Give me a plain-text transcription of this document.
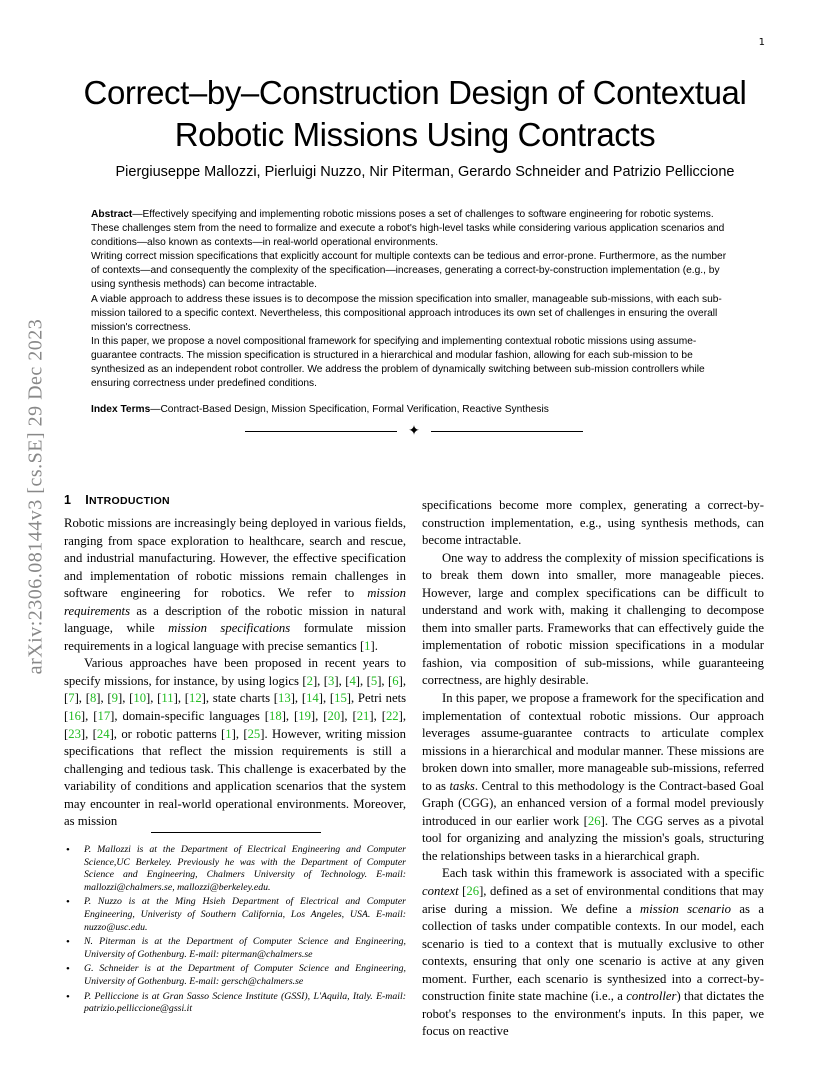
1
arXiv:2306.08144v3 [cs.SE] 29 Dec 2023
Correct–by–Construction Design of Contextual
Robotic Missions Using Contracts
Piergiuseppe Mallozzi, Pierluigi Nuzzo, Nir Piterman, Gerardo Schneider and Patrizio Pelliccione

Abstract—Effectively specifying and implementing robotic missions poses a set of challenges to software engineering for robotic systems. These challenges stem from the need to formalize and execute a robot's high-level tasks while considering various application scenarios and conditions—also known as contexts—in real-world operational environments.

Writing correct mission specifications that explicitly account for multiple contexts can be tedious and error-prone. Furthermore, as the number of contexts—and consequently the complexity of the specification—increases, generating a correct-by-construction implementation (e.g., by using synthesis methods) can become intractable.

A viable approach to address these issues is to decompose the mission specification into smaller, manageable sub-missions, with each sub-mission tailored to a specific context. Nevertheless, this compositional approach introduces its own set of challenges in ensuring the overall mission's correctness.

In this paper, we propose a novel compositional framework for specifying and implementing contextual robotic missions using assume-guarantee contracts. The mission specification is structured in a hierarchical and modular fashion, allowing for each sub-mission to be synthesized as an independent robot controller. We address the problem of dynamically switching between sub-mission controllers while ensuring correctness under predefined conditions.

Index Terms—Contract-Based Design, Mission Specification, Formal Verification, Reactive Synthesis
✦
1 INTRODUCTION

Robotic missions are increasingly being deployed in various fields, ranging from space exploration to healthcare, search and rescue, and industrial manufacturing. However, the effective specification and implementation of robotic missions remain challenges in software engineering for robotics. We refer to mission requirements as a description of the robotic mission in natural language, while mission specifications formulate mission requirements in a logical language with precise semantics [1].

Various approaches have been proposed in recent years to specify missions, for instance, by using logics [2], [3], [4], [5], [6], [7], [8], [9], [10], [11], [12], state charts [13], [14], [15], Petri nets [16], [17], domain-specific languages [18], [19], [20], [21], [22], [23], [24], or robotic patterns [1], [25]. However, writing mission specifications that reflect the mission requirements is still a challenging and tedious task. This challenge is exacerbated by the variability of conditions and application scenarios that the system may encounter in real-world operational environments. Moreover, as mission

• P. Mallozzi is at the Department of Electrical Engineering and Computer Science,UC Berkeley. Previously he was with the Department of Computer Science and Engineering, Chalmers University of Technology. E-mail: mallozzi@chalmers.se, mallozzi@berkeley.edu.
• P. Nuzzo is at the Ming Hsieh Department of Electrical and Computer Engineering, Univeristy of Southern California, Los Angeles, USA. E-mail: nuzzo@usc.edu.
• N. Piterman is at the Department of Computer Science and Engineering, University of Gothenburg. E-mail: piterman@chalmers.se
• G. Schneider is at the Department of Computer Science and Engineering, University of Gothenburg. E-mail: gersch@chalmers.se
• P. Pelliccione is at Gran Sasso Science Institute (GSSI), L'Aquila, Italy. E-mail: patrizio.pelliccione@gssi.it

specifications become more complex, generating a correct-by-construction implementation, e.g., using synthesis methods, can become intractable.

One way to address the complexity of mission specifications is to break them down into smaller, more manageable pieces. However, large and complex specifications can be difficult to understand and work with, making it challenging to decompose them into smaller parts. Frameworks that can effectively guide the implementation of robotic mission specifications in a modular fashion, via composition of sub-missions, while guaranteeing correctness, are highly desirable.

In this paper, we propose a framework for the specification and implementation of contextual robotic missions. Our approach leverages assume-guarantee contracts to articulate complex missions in a hierarchical and modular manner. These missions are broken down into smaller, more manageable sub-missions, referred to as tasks. Central to this methodology is the Contract-based Goal Graph (CGG), an enhanced version of a formal model previously introduced in our earlier work [26]. The CGG serves as a pivotal tool for organizing and analyzing the mission's goals, structuring the relationships between tasks in a hierarchical graph.

Each task within this framework is associated with a specific context [26], defined as a set of environmental conditions that may arise during a mission. We define a mission scenario as a collection of tasks under compatible contexts. In our model, each scenario is tied to a context that is mutually exclusive to other contexts, ensuring that only one scenario is active at any given moment. Further, each scenario is synthesized into a correct-by-construction finite state machine (i.e., a controller) that dictates the robot's responses to the environment's inputs. In this paper, we focus on reactive
